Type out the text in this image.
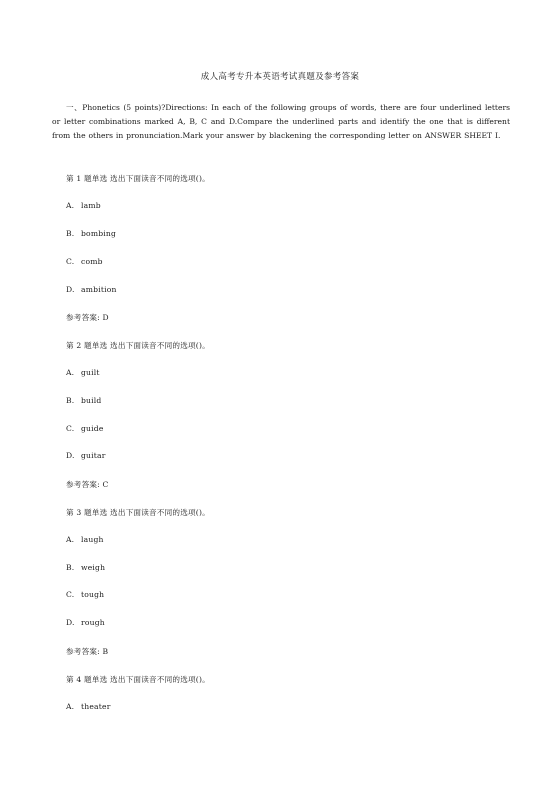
成人高考专升本英语考试真题及参考答案
一、Phonetics (5 points)?Directions: In each of the following groups of words, there are four underlined letters or letter combinations marked A, B, C and D.Compare the underlined parts and identify the one that is different from the others in pronunciation.Mark your answer by blackening the corresponding letter on ANSWER SHEET Ⅰ.
第 1 题单选 选出下面读音不同的选项()。
A. lamb
B. bombing
C. comb
D. ambition
参考答案: D
第 2 题单选 选出下面读音不同的选项()。
A. guilt
B. build
C. guide
D. guitar
参考答案: C
第 3 题单选 选出下面读音不同的选项()。
A. laugh
B. weigh
C. tough
D. rough
参考答案: B
第 4 题单选 选出下面读音不同的选项()。
A. theater
